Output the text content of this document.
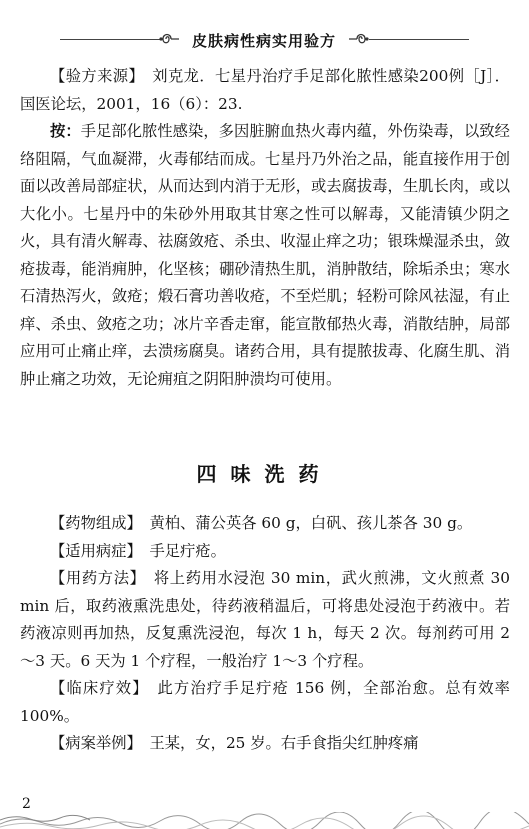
皮肤病性病实用验方

【验方来源】　 刘克龙．七星丹治疗手足部化脓性感染200例［J］．国医论坛，2001，16（6）：23.

按：手足部化脓性感染，多因脏腑血热火毒内蕴，外伤染毒，以致经络阻隔，气血凝滞，火毒郁结而成。七星丹乃外治之品，能直接作用于创面以改善局部症状，从而达到内消于无形，或去腐拔毒，生肌长肉，或以大化小。七星丹中的朱砂外用取其甘寒之性可以解毒，又能清镇少阴之火，具有清火解毒、祛腐敛疮、杀虫、收湿止痒之功；银珠燥湿杀虫，敛疮拔毒，能消痈肿，化坚核；硼砂清热生肌，消肿散结，除垢杀虫；寒水石清热泻火，敛疮；煅石膏功善收疮，不至烂肌；轻粉可除风祛湿，有止痒、杀虫、敛疮之功；冰片辛香走窜，能宣散郁热火毒，消散结肿，局部应用可止痛止痒，去溃疡腐臭。诸药合用，具有提脓拔毒、化腐生肌、消肿止痛之功效，无论痈疽之阴阳肿溃均可使用。

四味洗药

【药物组成】　 黄柏、蒲公英各 60 g，白矾、孩儿茶各 30 g。

【适用病症】　 手足疔疮。

【用药方法】　 将上药用水浸泡 30 min，武火煎沸，文火煎煮 30 min 后，取药液熏洗患处，待药液稍温后，可将患处浸泡于药液中。若药液凉则再加热，反复熏洗浸泡，每次 1 h，每天 2 次。每剂药可用 2～3 天。6 天为 1 个疗程，一般治疗 1～3 个疗程。

【临床疗效】　 此方治疗手足疔疮 156 例，全部治愈。总有效率 100%。

【病案举例】　 王某，女，25 岁。右手食指尖红肿疼痛

2
